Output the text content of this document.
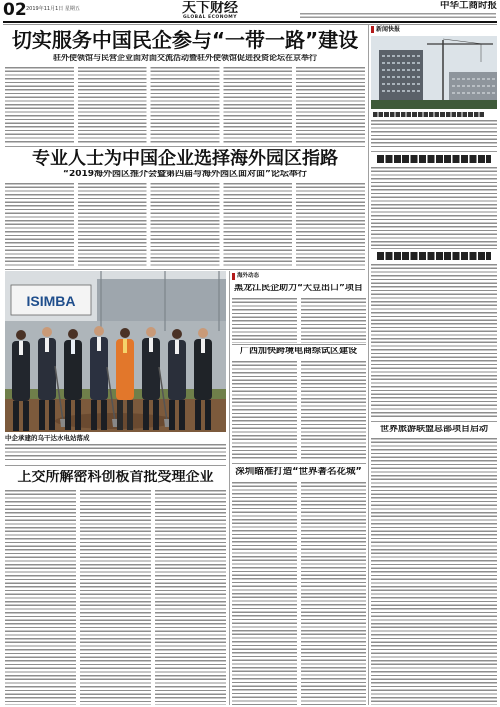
02 2019年11月1日 星期五	天下财经
GLOBAL ECONOMY
中华工商时报
切实服务中国民企参与“一带一路”建设
驻外使领馆与民营企业面对面交流活动暨驻外使领馆促进投资论坛在京举行
专业人士为中国企业选择海外园区指路
“2019海外园区推介会暨第四届与海外园区面对面”论坛举行
ISIMBA
中企承建的乌干达水电站落成
上交所解密科创板首批受理企业
海外动态
黑龙江民企助力“大豆出口”项目
广西加快跨境电商综试区建设
深圳瞄准打造“世界著名花城”
新闻快报
世界旅游联盟总部项目启动
